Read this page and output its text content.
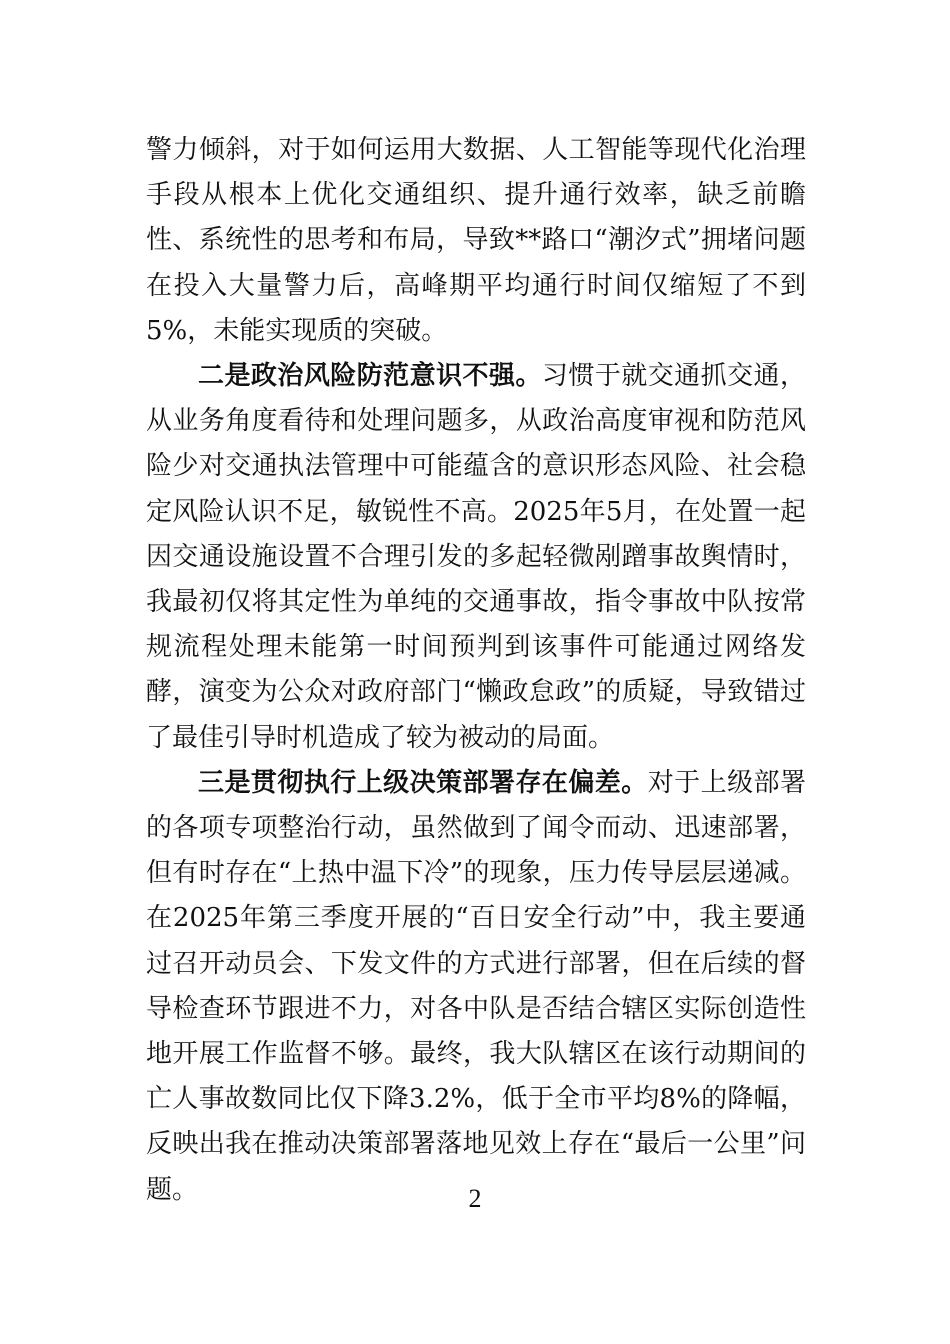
警力倾斜，对于如何运用大数据、人工智能等现代化治理手段从根本上优化交通组织、提升通行效率，缺乏前瞻性、系统性的思考和布局，导致**路口“潮汐式”拥堵问题在投入大量警力后，高峰期平均通行时间仅缩短了不到5%，未能实现质的突破。

二是政治风险防范意识不强。习惯于就交通抓交通，从业务角度看待和处理问题多，从政治高度审视和防范风险少对交通执法管理中可能蕴含的意识形态风险、社会稳定风险认识不足，敏锐性不高。2025年5月，在处置一起因交通设施设置不合理引发的多起轻微剐蹭事故舆情时，我最初仅将其定性为单纯的交通事故，指令事故中队按常规流程处理未能第一时间预判到该事件可能通过网络发酵，演变为公众对政府部门“懒政怠政”的质疑，导致错过了最佳引导时机造成了较为被动的局面。

三是贯彻执行上级决策部署存在偏差。对于上级部署的各项专项整治行动，虽然做到了闻令而动、迅速部署，但有时存在“上热中温下冷”的现象，压力传导层层递减。在2025年第三季度开展的“百日安全行动”中，我主要通过召开动员会、下发文件的方式进行部署，但在后续的督导检查环节跟进不力，对各中队是否结合辖区实际创造性地开展工作监督不够。最终，我大队辖区在该行动期间的亡人事故数同比仅下降3.2%，低于全市平均8%的降幅，反映出我在推动决策部署落地见效上存在“最后一公里”问题。	2
